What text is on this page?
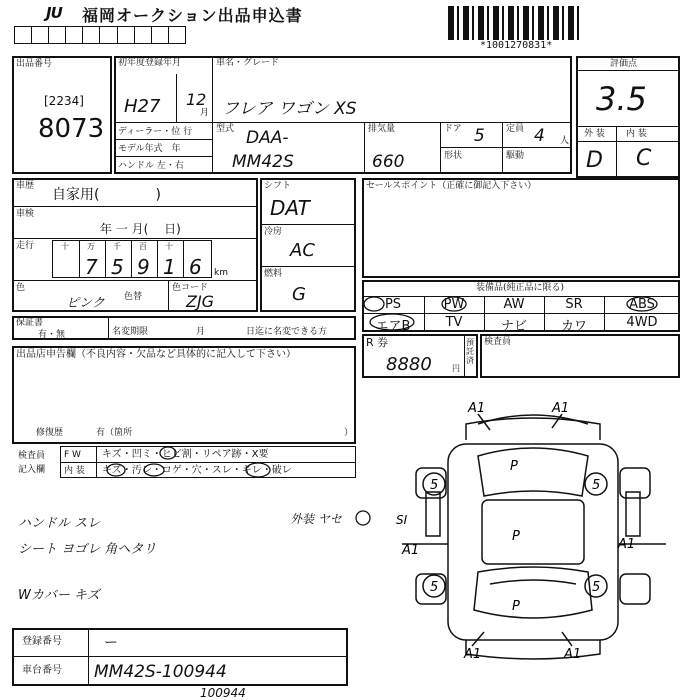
JU	福岡オークション出品申込書
*1001270831*
出品番号
[2234]
8073
初年度登録年月
H27 12
月
車名・グレード
フレア ワゴン XS
ディーラー・位 行
モデル年式　年
ハンドル 左・右
型式 DAA-
MM42S
排気量
660
ドア 5 定員 4 人
形状	駆動
評価点
3.5
外 装 内 装
D C
車歴
自家用(　　　　)
車検
年 一 月(　 日)
走行	十 万 千 百 十
7 5 9 1 6 km
色
ピンク 色替
色コード
ZJG
シフト
DAT
冷房
AC
燃料
G
セールスポイント（正確に御記入下さい）
装備品(純正品に限る)
PS	PW	AW	SR	ABS
エアB	TV	ナビ	カワ	4WD
R 券
8880	円
預託済
検査員
保証書
有・無	名変期限	月	日迄に名変できる方
出品店申告欄（不良内容・欠品など具体的に記入して下さい）
修復歴	有（箇所	）
検査員
記入欄
F W キズ・凹ミ・ヒビ割・リペア跡・X要
内 装 キズ・汚レ・コゲ・穴・スレ・キレ・破レ
ハンドル スレ
シート ヨゴレ 角ヘタリ
Wカバー キズ
外装 ヤセ
A1	A1
P
5	5
SI
A1	A1
P
5	5
P
A1	A1
登録番号	ー
車台番号 MM42S-100944
100944
